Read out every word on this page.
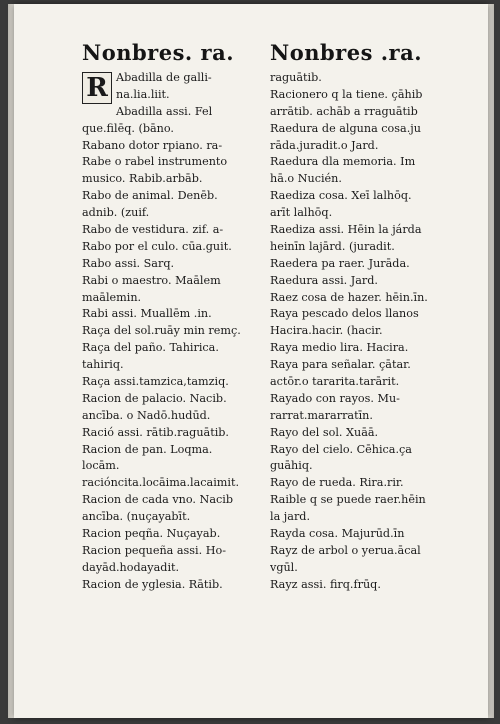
Nonbres. ra.
R Abadilla de galli-
na.lia.liit.
Abadilla assi. Fel
que.filēq. (bāno.
Rabano dotor rpiano. ra-
Rabe o rabel instrumento
musico. Rabib.arbāb.
Rabo de animal. Denēb.
adnib. (zuif.
Rabo de vestidura. zif. a-
Rabo por el culo. cūa.guit.
Rabo assi. Sarq.
Rabi o maestro. Maālem
maālemin.
Rabi assi. Muallēm .in.
Raça del sol.ruāy min remç.
Raça del paño. Tahirica.
tahiriq.
Raça assi.tamzica,tamziq.
Racion de palacio. Nacib.
ancība. o Nadō.hudūd.
Ració assi. rātib.raguātib.
Racion de pan. Loqma.
locām.
racióncita.locāima.lacaimit.
Racion de cada vno. Nacib
ancība. (nuçayabīt.
Racion peqña. Nuçayab.
Racion pequeña assi. Ho-
dayād.hodayadit.
Racion de yglesia. Rātib.
Nonbres .ra.
raguātib.
Racionero q la tiene. çāhib
arrātib. achāb a rraguātib
Raedura de alguna cosa.ju
rāda.juradit.o Jard.
Raedura dla memoria. Im
hā.o Nucién.
Raediza cosa. Xeī lalhōq.
arīt lalhōq.
Raediza assi. Hēin la járda
heinīn lajārd. (juradit.
Raedera pa raer. Jurāda.
Raedura assi. Jard.
Raez cosa de hazer. hēin.īn.
Raya pescado delos llanos
Hacira.hacir. (hacir.
Raya medio lira. Hacira.
Raya para señalar. çātar.
actōr.o tararita.tarārit.
Rayado con rayos. Mu-
rarrat.mararratīn.
Rayo del sol. Xuāā.
Rayo del cielo. Cēhica.ça
guāhiq.
Rayo de rueda. Rira.rir.
Raible q se puede raer.hēin
la jard.
Rayda cosa. Majurūd.īn
Rayz de arbol o yerua.ācal
vgūl.
Rayz assi. firq.frūq.
